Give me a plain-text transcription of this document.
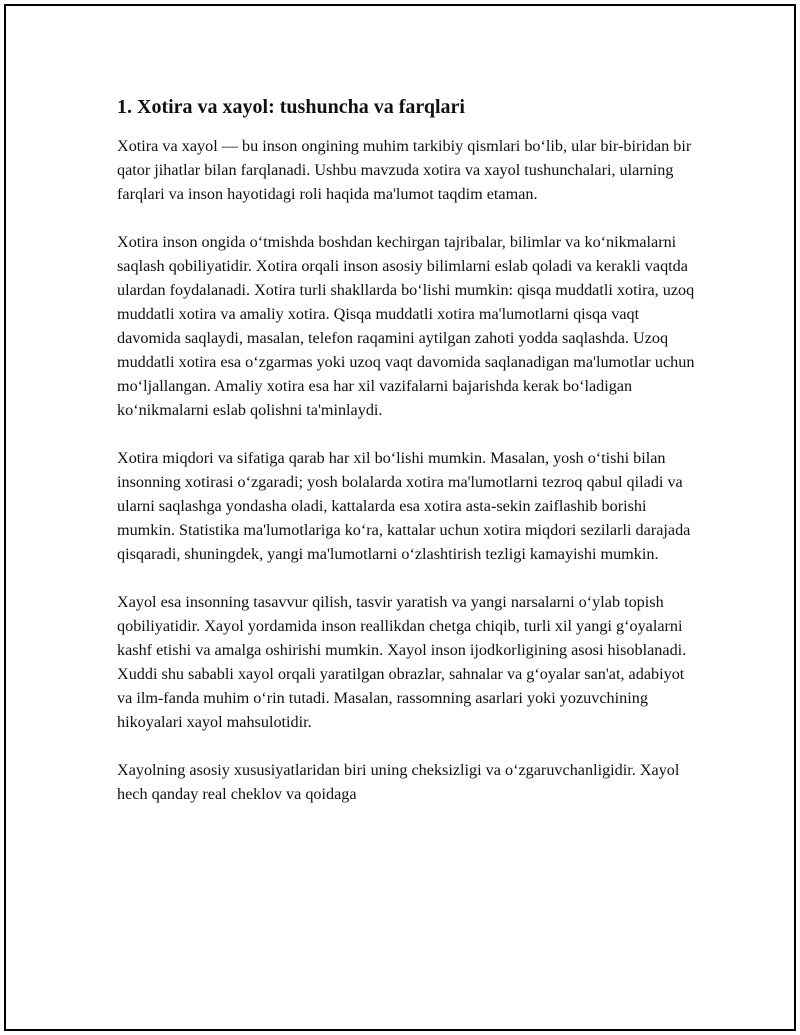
1. Xotira va xayol: tushuncha va farqlari

Xotira va xayol — bu inson ongining muhim tarkibiy qismlari bo‘lib, ular bir-biridan bir qator jihatlar bilan farqlanadi. Ushbu mavzuda xotira va xayol tushunchalari, ularning farqlari va inson hayotidagi roli haqida ma'lumot taqdim etaman.

Xotira inson ongida o‘tmishda boshdan kechirgan tajribalar, bilimlar va ko‘nikmalarni saqlash qobiliyatidir. Xotira orqali inson asosiy bilimlarni eslab qoladi va kerakli vaqtda ulardan foydalanadi. Xotira turli shakllarda bo‘lishi mumkin: qisqa muddatli xotira, uzoq muddatli xotira va amaliy xotira. Qisqa muddatli xotira ma'lumotlarni qisqa vaqt davomida saqlaydi, masalan, telefon raqamini aytilgan zahoti yodda saqlashda. Uzoq muddatli xotira esa o‘zgarmas yoki uzoq vaqt davomida saqlanadigan ma'lumotlar uchun mo‘ljallangan. Amaliy xotira esa har xil vazifalarni bajarishda kerak bo‘ladigan ko‘nikmalarni eslab qolishni ta'minlaydi.

Xotira miqdori va sifatiga qarab har xil bo‘lishi mumkin. Masalan, yosh o‘tishi bilan insonning xotirasi o‘zgaradi; yosh bolalarda xotira ma'lumotlarni tezroq qabul qiladi va ularni saqlashga yondasha oladi, kattalarda esa xotira asta-sekin zaiflashib borishi mumkin. Statistika ma'lumotlariga ko‘ra, kattalar uchun xotira miqdori sezilarli darajada qisqaradi, shuningdek, yangi ma'lumotlarni o‘zlashtirish tezligi kamayishi mumkin.

Xayol esa insonning tasavvur qilish, tasvir yaratish va yangi narsalarni o‘ylab topish qobiliyatidir. Xayol yordamida inson reallikdan chetga chiqib, turli xil yangi g‘oyalarni kashf etishi va amalga oshirishi mumkin. Xayol inson ijodkorligining asosi hisoblanadi. Xuddi shu sababli xayol orqali yaratilgan obrazlar, sahnalar va g‘oyalar san'at, adabiyot va ilm-fanda muhim o‘rin tutadi. Masalan, rassomning asarlari yoki yozuvchining hikoyalari xayol mahsulotidir.

Xayolning asosiy xususiyatlaridan biri uning cheksizligi va o‘zgaruvchanligidir. Xayol hech qanday real cheklov va qoidaga
